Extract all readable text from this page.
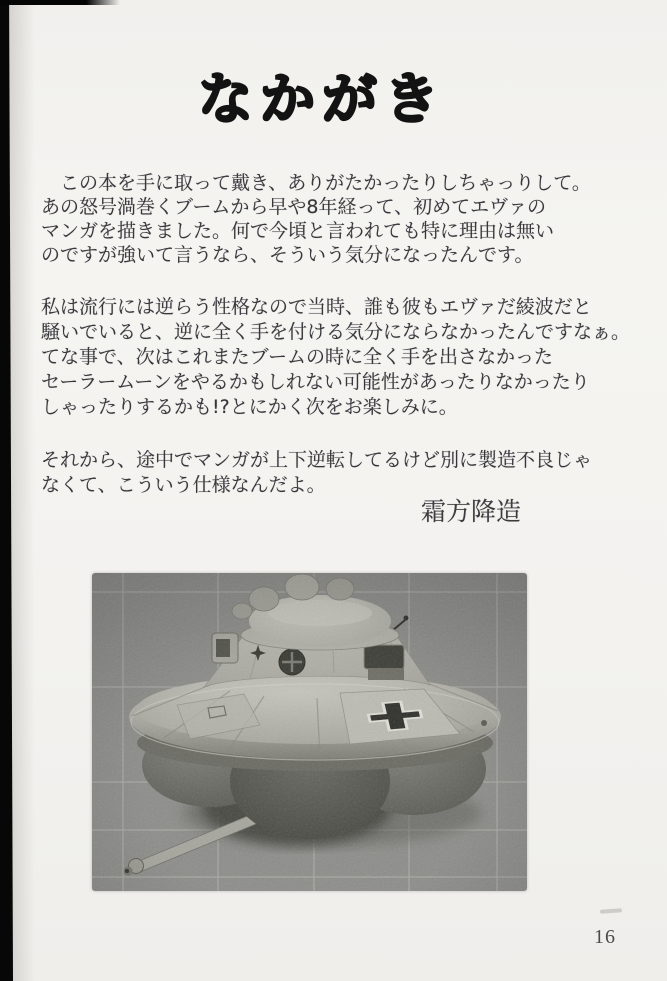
なかがき
　この本を手に取って戴き、ありがたかったりしちゃっりして。
あの怒号渦巻くブームから早や8年経って、初めてエヴァの
マンガを描きました。何で今頃と言われても特に理由は無い
のですが強いて言うなら、そういう気分になったんです。
私は流行には逆らう性格なので当時、誰も彼もエヴァだ綾波だと
騒いでいると、逆に全く手を付ける気分にならなかったんですなぁ。
てな事で、次はこれまたブームの時に全く手を出さなかった
セーラームーンをやるかもしれない可能性があったりなかったり
しゃったりするかも!?とにかく次をお楽しみに。
それから、途中でマンガが上下逆転してるけど別に製造不良じゃ
なくて、こういう仕様なんだよ。
霜方降造
16
